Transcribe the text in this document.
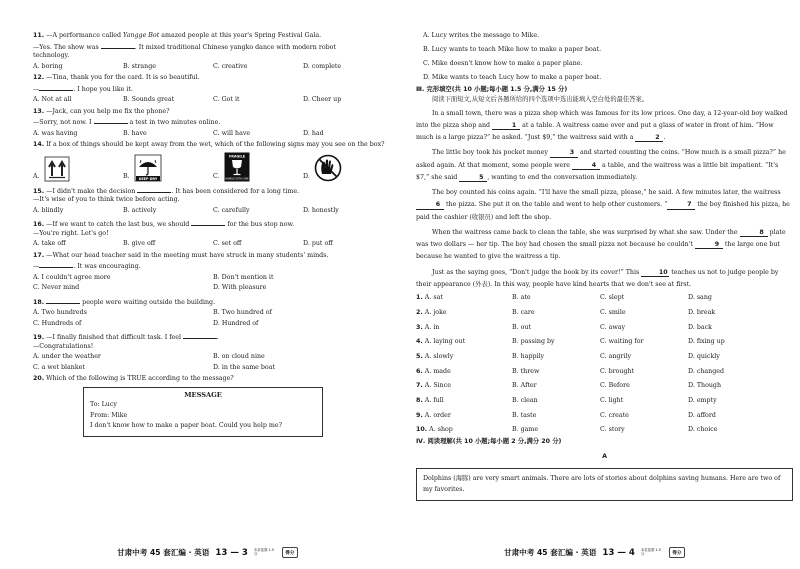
11. —A performance called Yangge Bot amazed people at this year's Spring Festival Gala.
—Yes. The show was	. It mixed traditional Chinese yangko dance with modern robot
technology.
A. boring	B. strange	C. creative	D. complete
12. —Tina, thank you for the card. It is so beautiful.
—	. I hope you like it.
A. Not at all	B. Sounds great	C. Got it	D. Cheer up
13. —Jack, can you help me fix the phone?
—Sorry, not now. I	a test in two minutes online.
A. was having	B. have	C. will have	D. had
14. If a box of things should be kept away from the wet, which of the following signs may you see on the box?
A.	B.	KEEP DRY	C.
FRAGILE
HANDLE WITH CARE	D.
15. —I didn't make the decision	. It has been considered for a long time.
—It's wise of you to think twice before acting.
A. blindly	B. actively	C. carefully	D. honestly
16. —If we want to catch the last bus, we should	for the bus stop now.
—You're right. Let's go!
A. take off	B. give off	C. set off	D. put off
17. —What our head teacher said in the meeting must have struck in many students' minds.
—	. It was encouraging.
A. I couldn't agree more	B. Don't mention it
C. Never mind	D. With pleasure
18.	people were waiting outside the building.
A. Two hundreds	B. Two hundred of
C. Hundreds of	D. Hundred of
19. —I finally finished that difficult task. I feel	.
—Congratulations!
A. under the weather	B. on cloud nine
C. a wet blanket	D. in the same boat
20. Which of the following is TRUE according to the message?
MESSAGE
To: Lucy
From: Mike
I don't know how to make a paper boat. Could you help me?
甘肃中考 45 套汇编 · 英语 13 — 3 本页卷数 1.5 分	得分
A. Lucy writes the message to Mike.
B. Lucy wants to teach Mike how to make a paper boat.
C. Mike doesn't know how to make a paper plane.
D. Mike wants to teach Lucy how to make a paper boat.
Ⅲ. 完形填空(共 10 小题;每小题 1.5 分,满分 15 分)
阅读下面短文,从短文后各题所给的四个选项中选出能填入空白处的最佳答案。

In a small town, there was a pizza shop which was famous for its low prices. One day, a 12-year-old boy walked into the pizza shop and	1 at a table. A waitress came over and put a glass of water in front of him. “How much is a large pizza?” he asked. “Just $9,” the waitress said with a	2 .

The little boy took his pocket money	3 and started counting the coins. “How much is a small pizza?” he asked again. At that moment, some people were	4 a table, and the waitress was a little bit impatient. “It's $7,” she said	5 , wanting to end the conversation immediately.

The boy counted his coins again. “I'll have the small pizza, please,” he said. A few minutes later, the waitress 6 the pizza. She put it on the table and went to help other customers. “	7 the boy finished his pizza, he paid the cashier (收银员) and left the shop.

When the waitress came back to clean the table, she was surprised by what she saw. Under the	8 plate was two dollars — her tip. The boy had chosen the small pizza not because he couldn't	9 the large one but because he wanted to give the waitress a tip.

Just as the saying goes, “Don't judge the book by its cover!” This	10 teaches us not to judge people by their appearance (外表). In this way, people have kind hearts that we don't see at first.

1. A. sat	B. ate	C. slept	D. sang
2. A. joke	B. care	C. smile	D. break
3. A. in	B. out	C. away	D. back
4. A. laying out	B. passing by	C. waiting for	D. fixing up
5. A. slowly	B. happily	C. angrily	D. quickly
6. A. made	B. threw	C. brought	D. changed
7. A. Since	B. After	C. Before	D. Though
8. A. full	B. clean	C. light	D. empty
9. A. order	B. taste	C. create	D. afford
10. A. shop	B. game	C. story	D. choice
Ⅳ. 阅读理解(共 10 小题;每小题 2 分,满分 20 分)
A
Dolphins (海豚) are very smart animals. There are lots of stories about dolphins saving humans. Here are two of my favorites.
甘肃中考 45 套汇编 · 英语 13 — 4 本页卷数 1.5 分	得分
